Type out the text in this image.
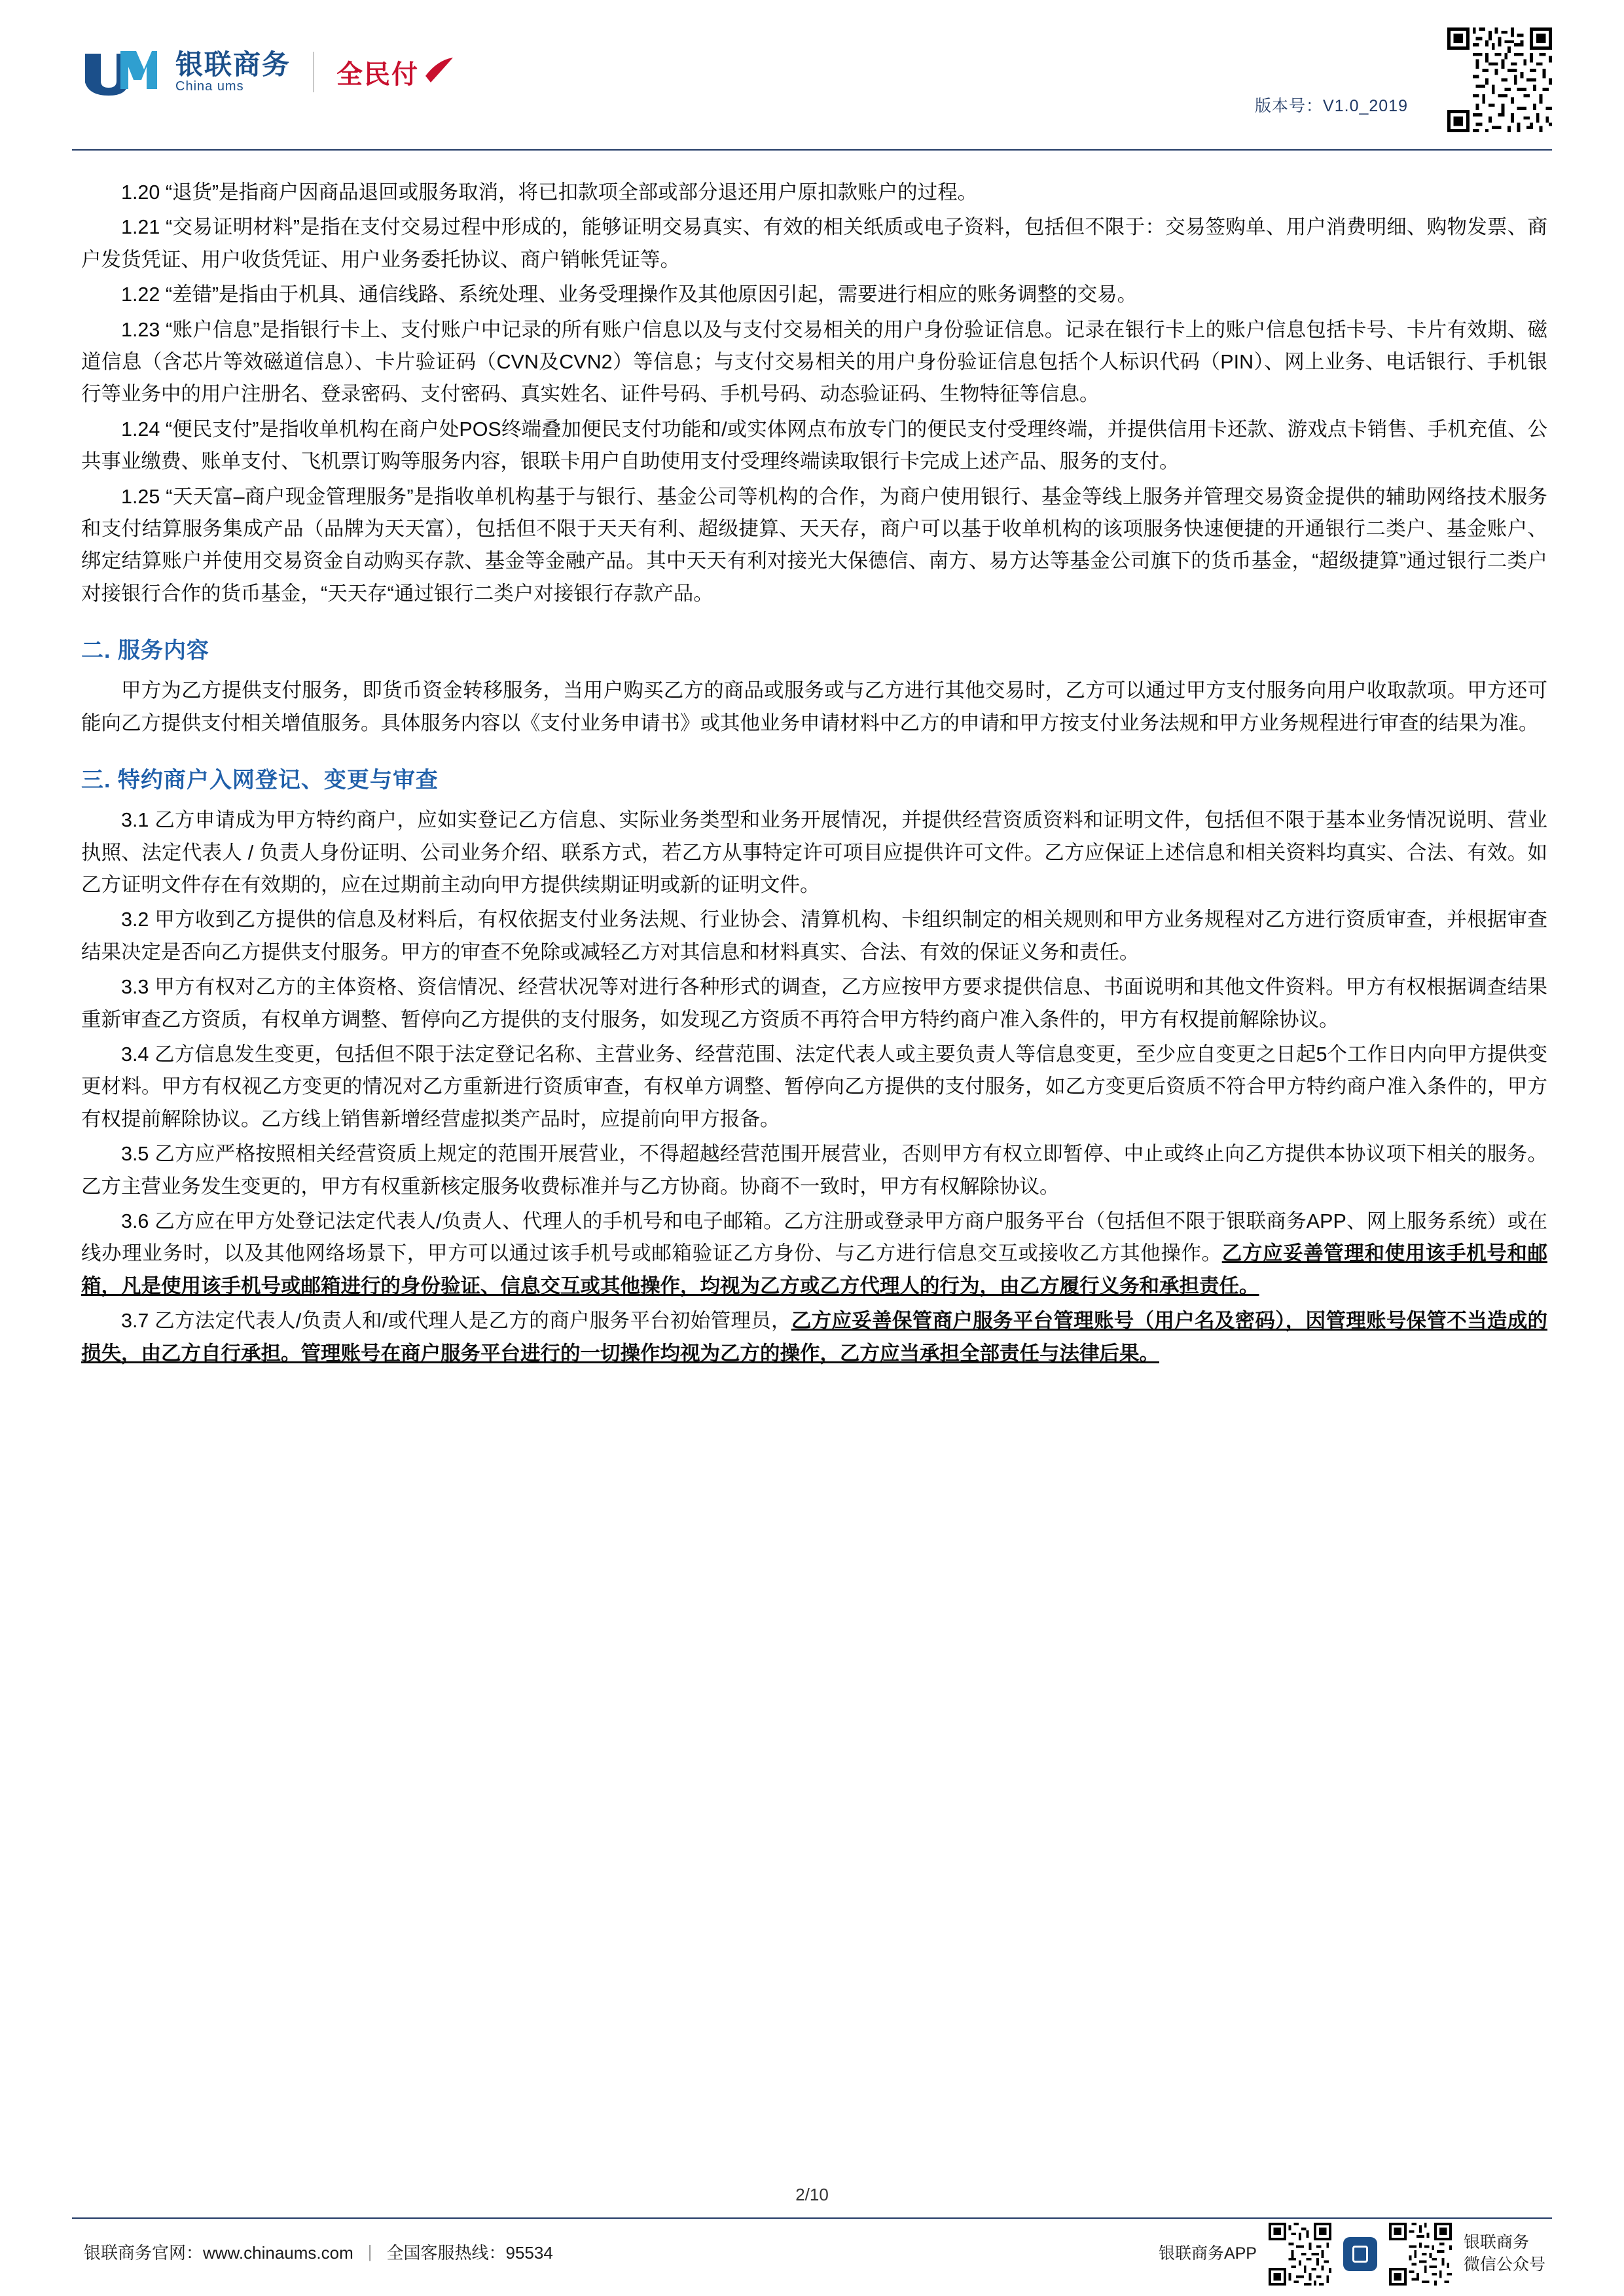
银联商务
China ums	全民付
版本号：V1.0_2019

1.20 “退货”是指商户因商品退回或服务取消，将已扣款项全部或部分退还用户原扣款账户的过程。

1.21 “交易证明材料”是指在支付交易过程中形成的，能够证明交易真实、有效的相关纸质或电子资料，包括但不限于：交易签购单、用户消费明细、购物发票、商户发货凭证、用户收货凭证、用户业务委托协议、商户销帐凭证等。

1.22 “差错”是指由于机具、通信线路、系统处理、业务受理操作及其他原因引起，需要进行相应的账务调整的交易。

1.23 “账户信息”是指银行卡上、支付账户中记录的所有账户信息以及与支付交易相关的用户身份验证信息。记录在银行卡上的账户信息包括卡号、卡片有效期、磁道信息（含芯片等效磁道信息）、卡片验证码（CVN及CVN2）等信息；与支付交易相关的用户身份验证信息包括个人标识代码（PIN）、网上业务、电话银行、手机银行等业务中的用户注册名、登录密码、支付密码、真实姓名、证件号码、手机号码、动态验证码、生物特征等信息。

1.24 “便民支付”是指收单机构在商户处POS终端叠加便民支付功能和/或实体网点布放专门的便民支付受理终端，并提供信用卡还款、游戏点卡销售、手机充值、公共事业缴费、账单支付、飞机票订购等服务内容，银联卡用户自助使用支付受理终端读取银行卡完成上述产品、服务的支付。

1.25 “天天富–商户现金管理服务”是指收单机构基于与银行、基金公司等机构的合作，为商户使用银行、基金等线上服务并管理交易资金提供的辅助网络技术服务和支付结算服务集成产品（品牌为天天富），包括但不限于天天有利、超级捷算、天天存，商户可以基于收单机构的该项服务快速便捷的开通银行二类户、基金账户、绑定结算账户并使用交易资金自动购买存款、基金等金融产品。其中天天有利对接光大保德信、南方、易方达等基金公司旗下的货币基金，“超级捷算”通过银行二类户对接银行合作的货币基金，“天天存“通过银行二类户对接银行存款产品。

二. 服务内容

甲方为乙方提供支付服务，即货币资金转移服务，当用户购买乙方的商品或服务或与乙方进行其他交易时，乙方可以通过甲方支付服务向用户收取款项。甲方还可能向乙方提供支付相关增值服务。具体服务内容以《支付业务申请书》或其他业务申请材料中乙方的申请和甲方按支付业务法规和甲方业务规程进行审查的结果为准。

三. 特约商户入网登记、变更与审查

3.1 乙方申请成为甲方特约商户，应如实登记乙方信息、实际业务类型和业务开展情况，并提供经营资质资料和证明文件，包括但不限于基本业务情况说明、营业执照、法定代表人 / 负责人身份证明、公司业务介绍、联系方式，若乙方从事特定许可项目应提供许可文件。乙方应保证上述信息和相关资料均真实、合法、有效。如乙方证明文件存在有效期的，应在过期前主动向甲方提供续期证明或新的证明文件。

3.2 甲方收到乙方提供的信息及材料后，有权依据支付业务法规、行业协会、清算机构、卡组织制定的相关规则和甲方业务规程对乙方进行资质审查，并根据审查结果决定是否向乙方提供支付服务。甲方的审查不免除或减轻乙方对其信息和材料真实、合法、有效的保证义务和责任。

3.3 甲方有权对乙方的主体资格、资信情况、经营状况等对进行各种形式的调查，乙方应按甲方要求提供信息、书面说明和其他文件资料。甲方有权根据调查结果重新审查乙方资质，有权单方调整、暂停向乙方提供的支付服务，如发现乙方资质不再符合甲方特约商户准入条件的，甲方有权提前解除协议。

3.4 乙方信息发生变更，包括但不限于法定登记名称、主营业务、经营范围、法定代表人或主要负责人等信息变更，至少应自变更之日起5个工作日内向甲方提供变更材料。甲方有权视乙方变更的情况对乙方重新进行资质审查，有权单方调整、暂停向乙方提供的支付服务，如乙方变更后资质不符合甲方特约商户准入条件的，甲方有权提前解除协议。乙方线上销售新增经营虚拟类产品时，应提前向甲方报备。

3.5 乙方应严格按照相关经营资质上规定的范围开展营业，不得超越经营范围开展营业，否则甲方有权立即暂停、中止或终止向乙方提供本协议项下相关的服务。乙方主营业务发生变更的，甲方有权重新核定服务收费标准并与乙方协商。协商不一致时，甲方有权解除协议。

3.6 乙方应在甲方处登记法定代表人/负责人、代理人的手机号和电子邮箱。乙方注册或登录甲方商户服务平台（包括但不限于银联商务APP、网上服务系统）或在线办理业务时，以及其他网络场景下，甲方可以通过该手机号或邮箱验证乙方身份、与乙方进行信息交互或接收乙方其他操作。乙方应妥善管理和使用该手机号和邮箱，凡是使用该手机号或邮箱进行的身份验证、信息交互或其他操作，均视为乙方或乙方代理人的行为，由乙方履行义务和承担责任。

3.7 乙方法定代表人/负责人和/或代理人是乙方的商户服务平台初始管理员，乙方应妥善保管商户服务平台管理账号（用户名及密码），因管理账号保管不当造成的损失，由乙方自行承担。管理账号在商户服务平台进行的一切操作均视为乙方的操作，乙方应当承担全部责任与法律后果。

2/10
银联商务官网：www.chinaums.com | 全国客服热线：95534	银联商务APP
银联商务
微信公众号
